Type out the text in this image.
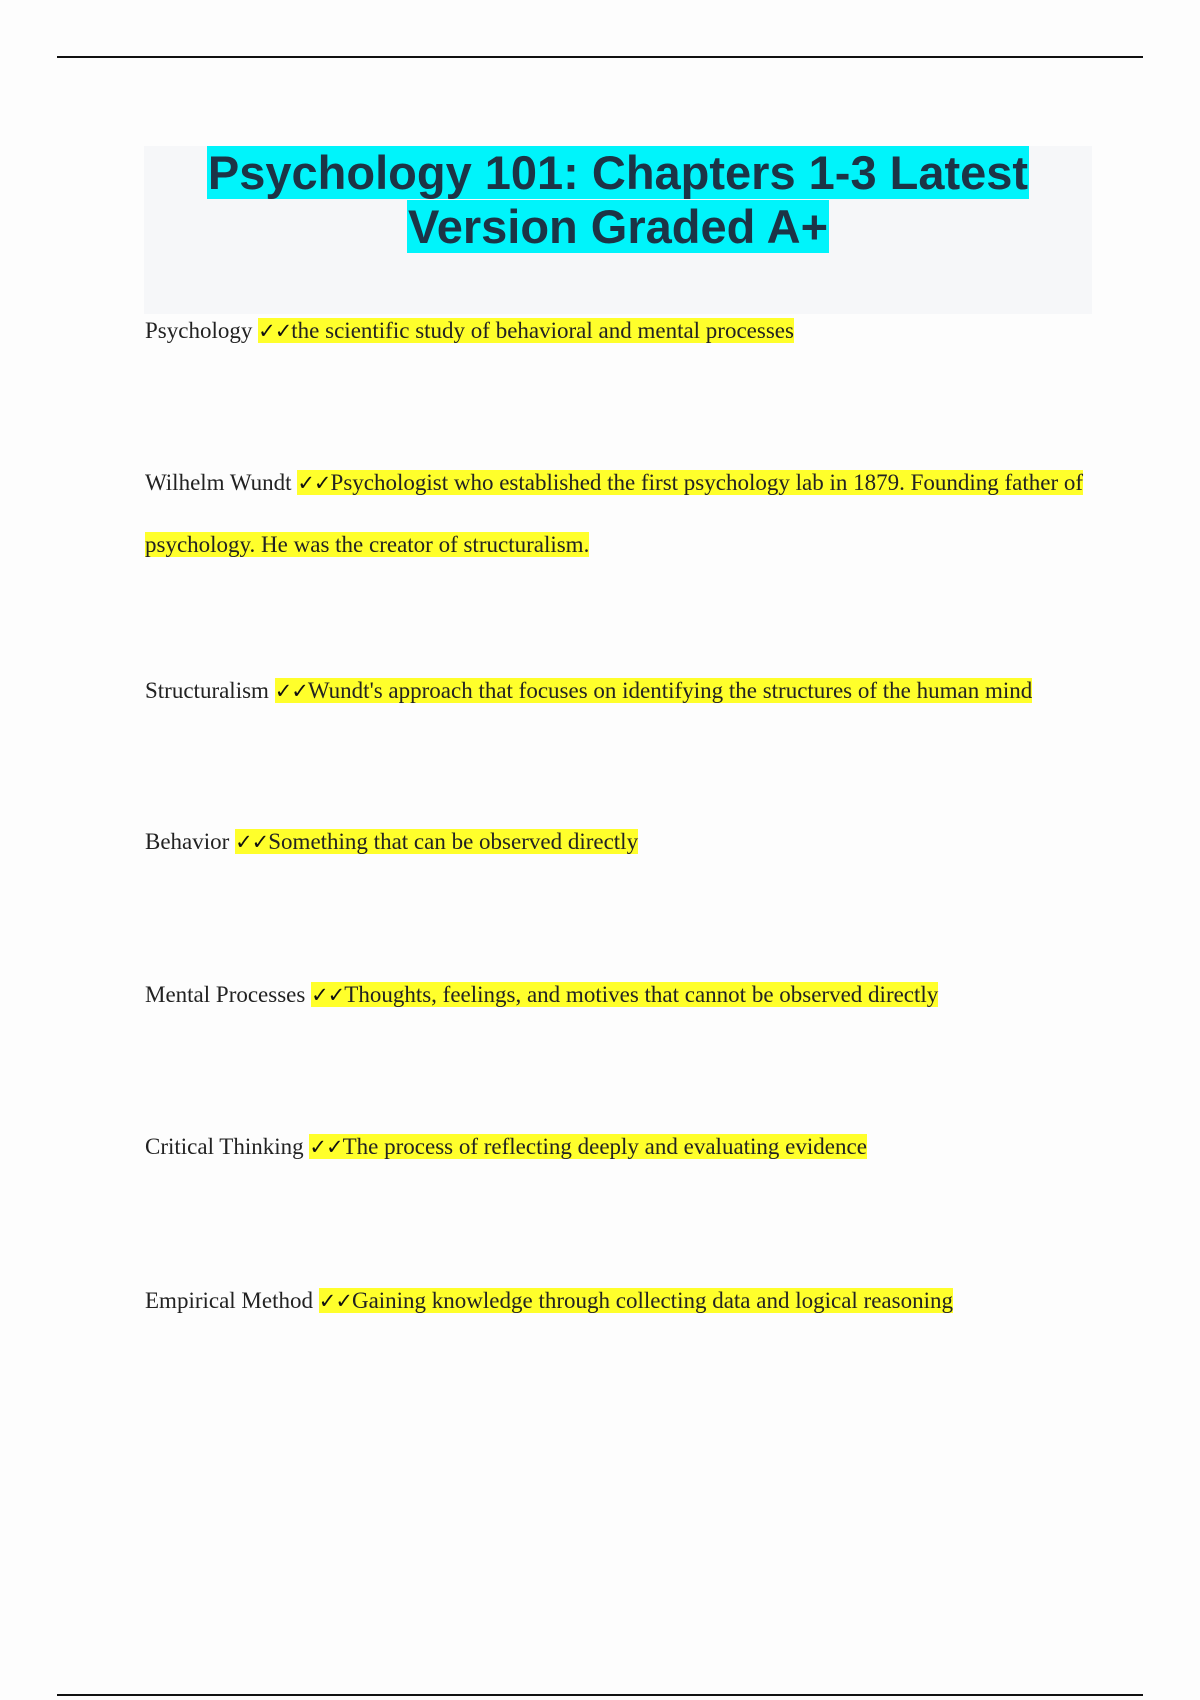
Psychology 101: Chapters 1-3 Latest Version Graded A+

Psychology ✓✓the scientific study of behavioral and mental processes

Wilhelm Wundt ✓✓Psychologist who established the first psychology lab in 1879. Founding father of psychology. He was the creator of structuralism.

Structuralism ✓✓Wundt's approach that focuses on identifying the structures of the human mind

Behavior ✓✓Something that can be observed directly

Mental Processes ✓✓Thoughts, feelings, and motives that cannot be observed directly

Critical Thinking ✓✓The process of reflecting deeply and evaluating evidence

Empirical Method ✓✓Gaining knowledge through collecting data and logical reasoning
